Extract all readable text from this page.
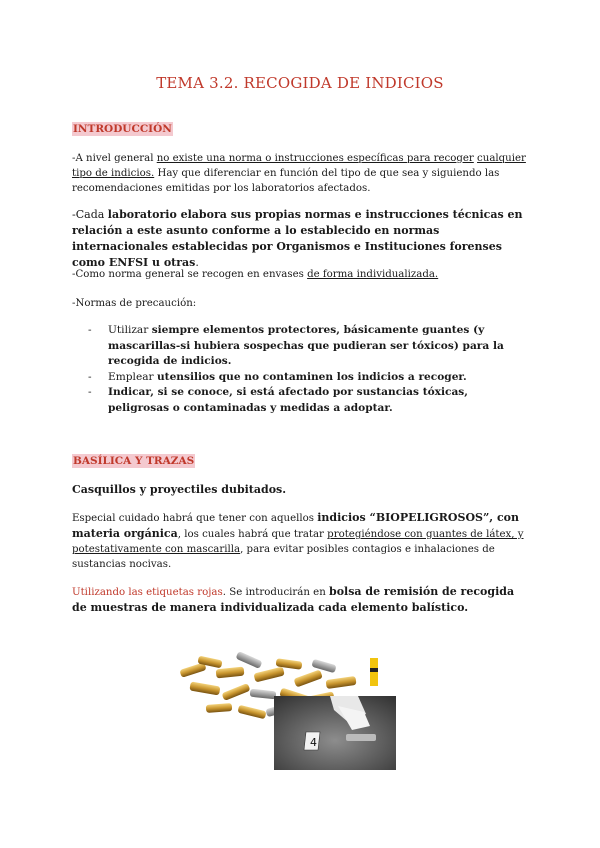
TEMA 3.2. RECOGIDA DE INDICIOS
INTRODUCCIÓN

-A nivel general no existe una norma o instrucciones específicas para recoger cualquier tipo de indicios. Hay que diferenciar en función del tipo de que sea y siguiendo las recomendaciones emitidas por los laboratorios afectados.

-Cada laboratorio elabora sus propias normas e instrucciones técnicas en relación a este asunto conforme a lo establecido en normas internacionales establecidas por Organismos e Instituciones forenses como ENFSI u otras.

-Como norma general se recogen en envases de forma individualizada.

-Normas de precaución:

- Utilizar siempre elementos protectores, básicamente guantes (y mascarillas-si hubiera sospechas que pudieran ser tóxicos) para la recogida de indicios.
- Emplear utensilios que no contaminen los indicios a recoger.
- Indicar, si se conoce, si está afectado por sustancias tóxicas, peligrosas o contaminadas y medidas a adoptar.
BASÍLICA Y TRAZAS

Casquillos y proyectiles dubitados.

Especial cuidado habrá que tener con aquellos indicios “BIOPELIGROSOS”, con materia orgánica, los cuales habrá que tratar protegiéndose con guantes de látex, y potestativamente con mascarilla, para evitar posibles contagios e inhalaciones de sustancias nocivas.

Utilizando las etiquetas rojas. Se introducirán en bolsa de remisión de recogida de muestras de manera individualizada cada elemento balístico.

4
